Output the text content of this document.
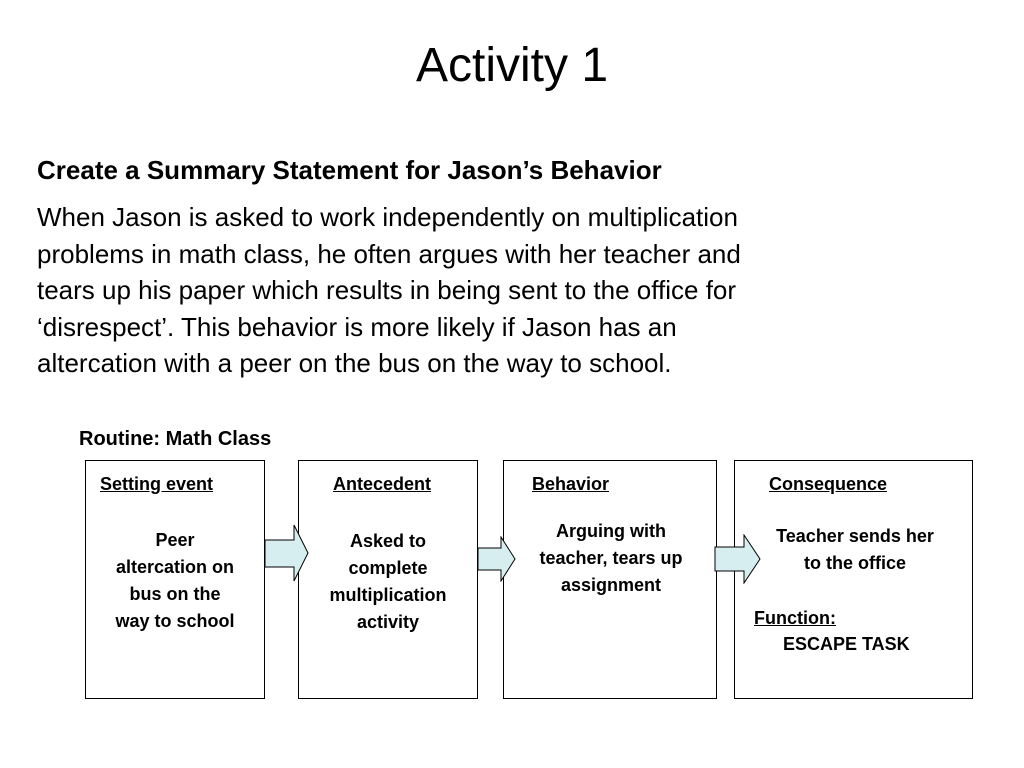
Activity 1
Create a Summary Statement for Jason’s Behavior

When Jason is asked to work independently on multiplication
problems in math class, he often argues with her teacher and
tears up his paper which results in being sent to the office for
‘disrespect’. This behavior is more likely if Jason has an
altercation with a peer on the bus on the way to school.

Routine: Math Class
Setting event
Peer
altercation on
bus on the
way to school
Antecedent
Asked to
complete
multiplication
activity
Behavior
Arguing with
teacher, tears up
assignment
Consequence
Teacher sends her
to the office
Function:
ESCAPE TASK
